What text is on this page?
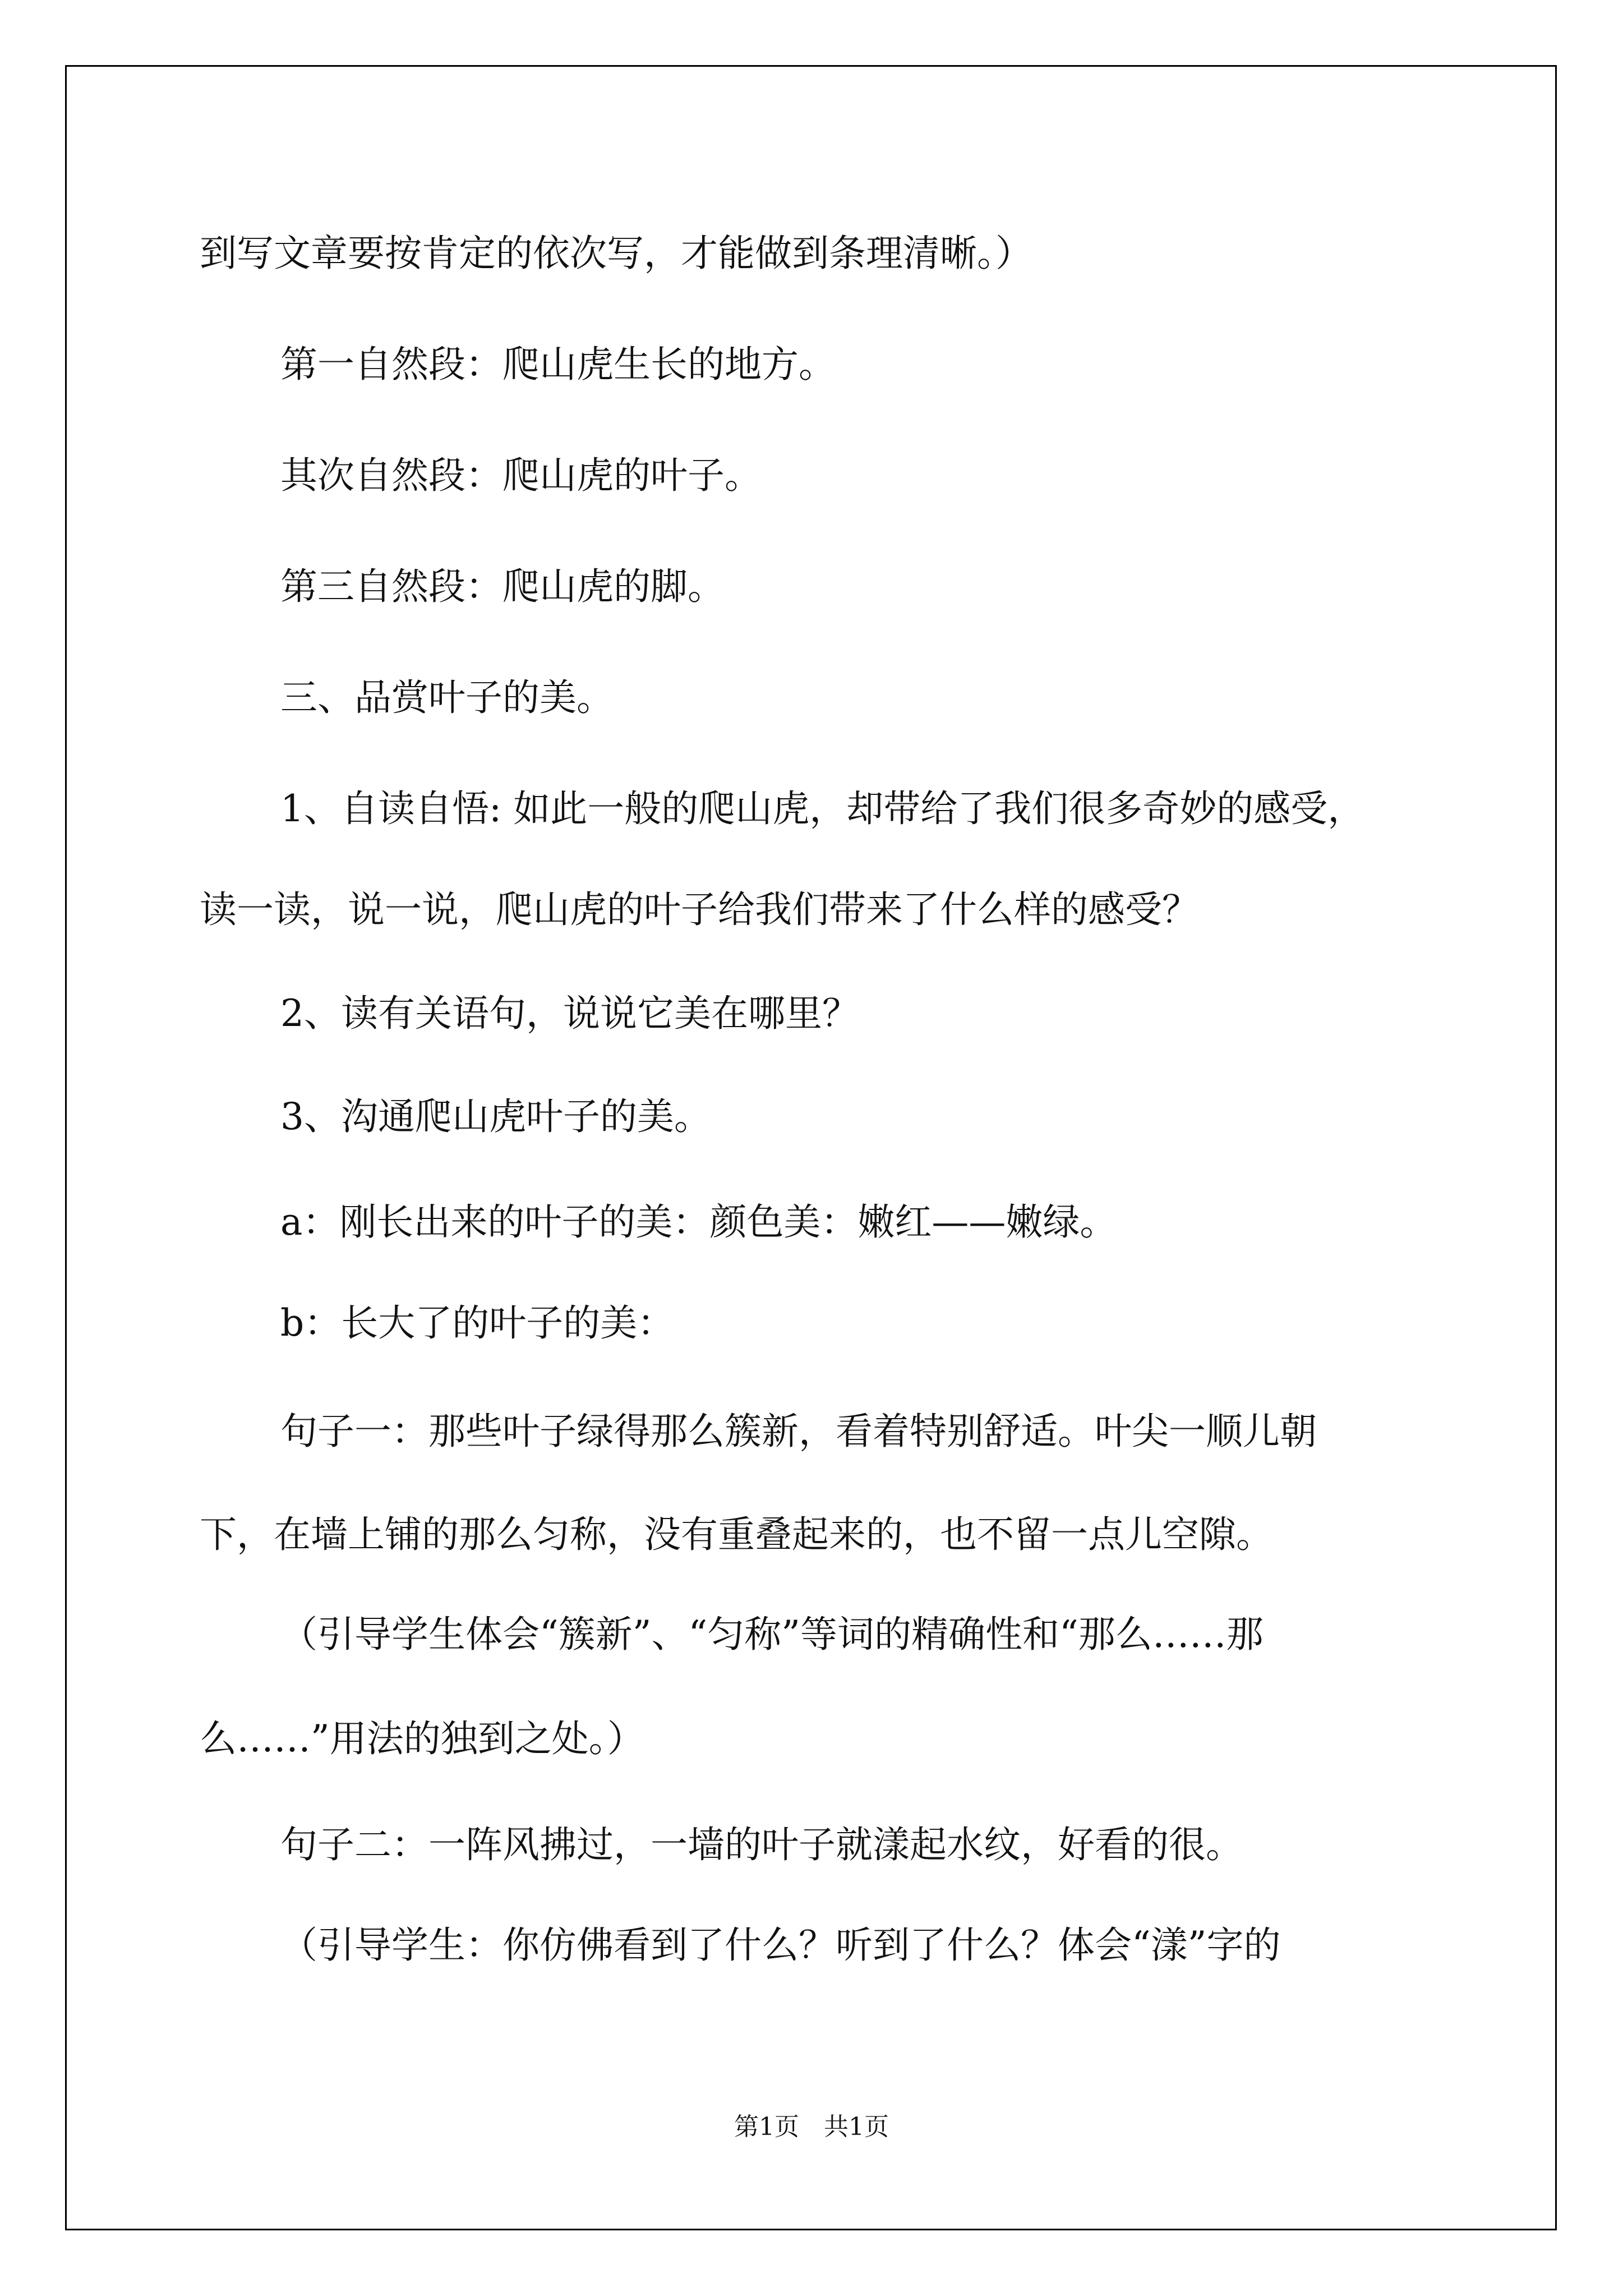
到写文章要按肯定的依次写，才能做到条理清晰。）

第一自然段：爬山虎生长的地方。

其次自然段：爬山虎的叶子。

第三自然段：爬山虎的脚。

三、品赏叶子的美。

1、自读自悟: 如此一般的爬山虎，却带给了我们很多奇妙的感受，

读一读，说一说，爬山虎的叶子给我们带来了什么样的感受？

2、读有关语句，说说它美在哪里？

3、沟通爬山虎叶子的美。

a：刚长出来的叶子的美：颜色美：嫩红——嫩绿。

b：长大了的叶子的美：

句子一：那些叶子绿得那么簇新，看着特别舒适。叶尖一顺儿朝

下，在墙上铺的那么匀称，没有重叠起来的，也不留一点儿空隙。

（引导学生体会“簇新”、“匀称”等词的精确性和“那么……那

么……”用法的独到之处。）

句子二：一阵风拂过，一墙的叶子就漾起水纹，好看的很。

（引导学生：你仿佛看到了什么？听到了什么？体会“漾”字的

第1页　共1页
